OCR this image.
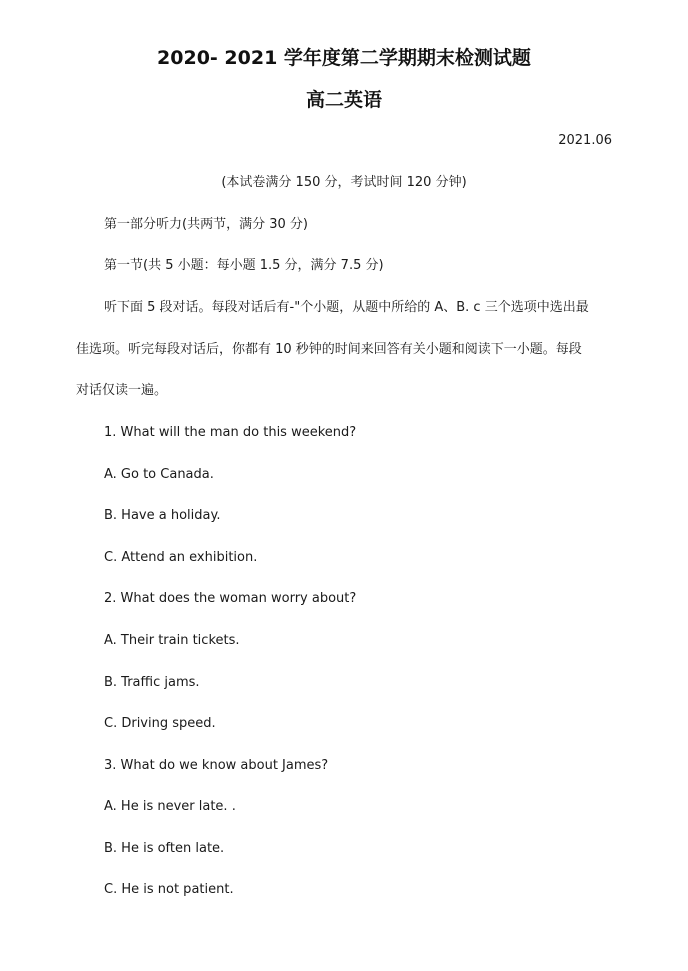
2020- 2021 学年度第二学期期末检测试题
高二英语
2021.06
(本试卷满分 150 分，考试时间 120 分钟)
第一部分听力(共两节，满分 30 分)
第一节(共 5 小题：每小题 1.5 分，满分 7.5 分)
听下面 5 段对话。每段对话后有-"个小题，从题中所给的 A、B. c 三个选项中选出最
佳选项。听完每段对话后，你都有 10 秒钟的时间来回答有关小题和阅读下一小题。每段
对话仅读一遍。
1. What will the man do this weekend?
A. Go to Canada.
B. Have a holiday.
C. Attend an exhibition.
2. What does the woman worry about?
A. Their train tickets.
B. Traffic jams.
C. Driving speed.
3. What do we know about James?
A. He is never late. .
B. He is often late.
C. He is not patient.
